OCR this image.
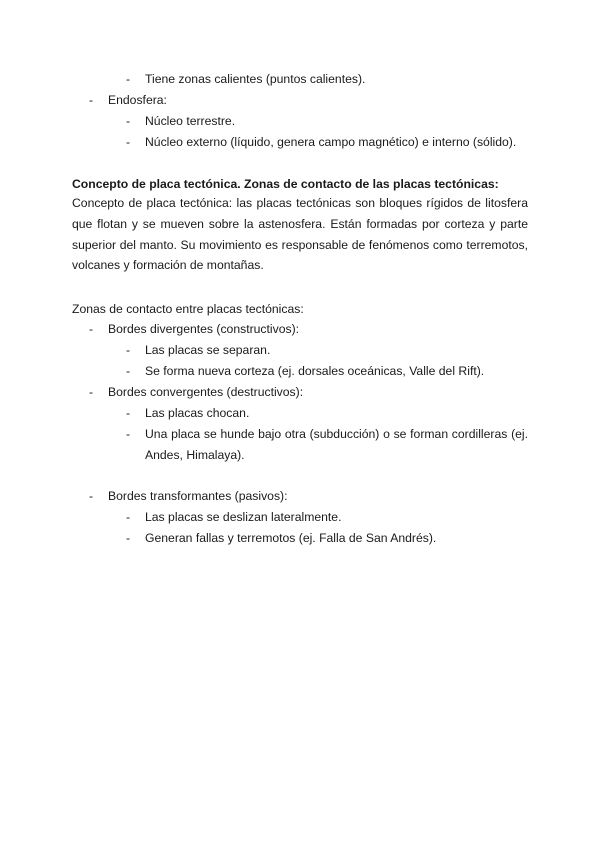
- Tiene zonas calientes (puntos calientes).
- Endosfera:
- Núcleo terrestre.
- Núcleo externo (líquido, genera campo magnético) e interno (sólido).
Concepto de placa tectónica. Zonas de contacto de las placas tectónicas:
Concepto de placa tectónica: las placas tectónicas son bloques rígidos de litosfera
que flotan y se mueven sobre la astenosfera. Están formadas por corteza y parte
superior del manto. Su movimiento es responsable de fenómenos como terremotos,
volcanes y formación de montañas.
Zonas de contacto entre placas tectónicas:
- Bordes divergentes (constructivos):
- Las placas se separan.
- Se forma nueva corteza (ej. dorsales oceánicas, Valle del Rift).
- Bordes convergentes (destructivos):
- Las placas chocan.
- Una placa se hunde bajo otra (subducción) o se forman cordilleras (ej.
Andes, Himalaya).
- Bordes transformantes (pasivos):
- Las placas se deslizan lateralmente.
- Generan fallas y terremotos (ej. Falla de San Andrés).
